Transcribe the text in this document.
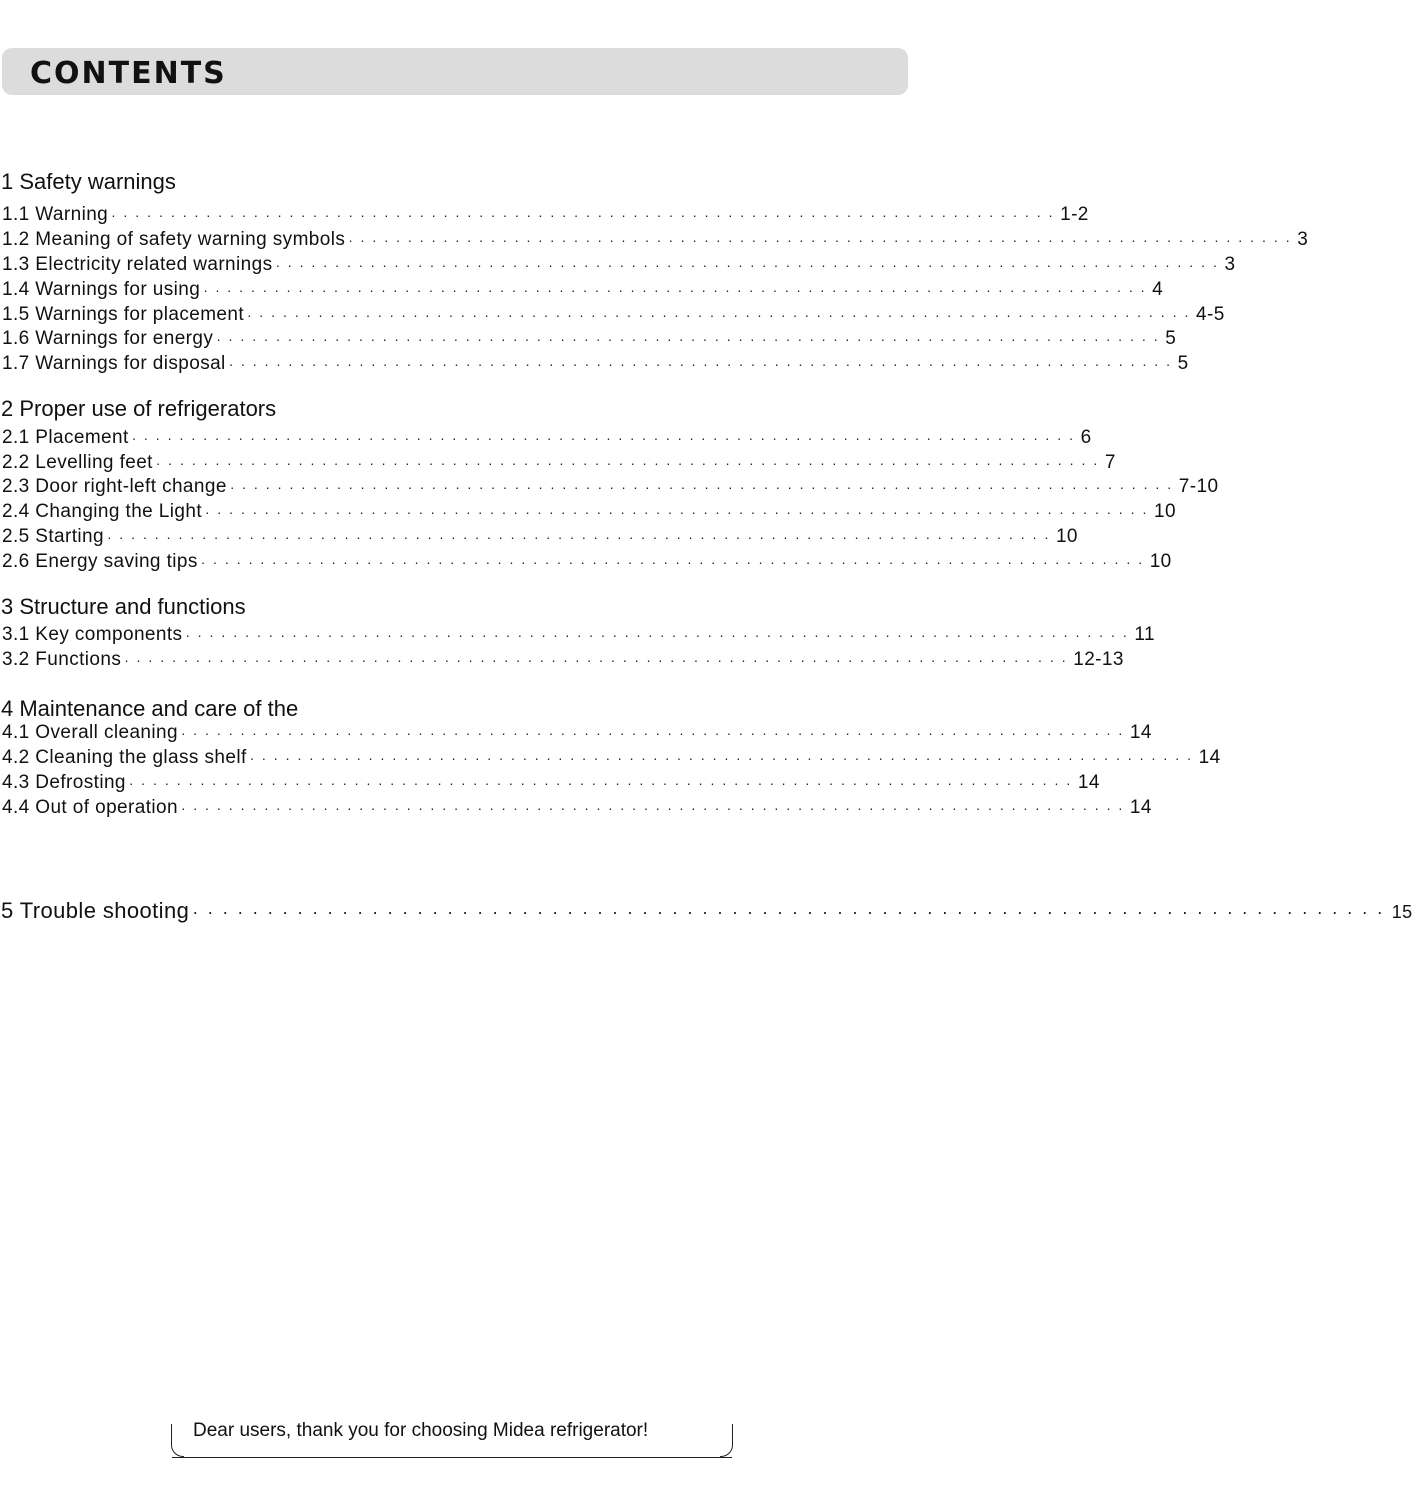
CONTENTS
1 Safety warnings
1.1 Warning ················································································ 1-2
1.2 Meaning of safety warning symbols ················································································ 3
1.3 Electricity related warnings ················································································ 3
1.4 Warnings for using ················································································ 4
1.5 Warnings for placement ················································································ 4-5
1.6 Warnings for energy ················································································ 5
1.7 Warnings for disposal ················································································ 5
2 Proper use of refrigerators
2.1 Placement ················································································ 6
2.2 Levelling feet ················································································ 7
2.3 Door right-left change ················································································ 7-10
2.4 Changing the Light ················································································ 10
2.5 Starting ················································································ 10
2.6 Energy saving tips ················································································ 10
3 Structure and functions
3.1 Key components ················································································ 11
3.2 Functions ················································································ 12-13
4 Maintenance and care of the
4.1 Overall cleaning ················································································ 14
4.2 Cleaning the glass shelf ················································································ 14
4.3 Defrosting ················································································ 14
4.4 Out of operation ················································································ 14
5 Trouble shooting ················································································ 15
Dear users, thank you for choosing Midea refrigerator!
